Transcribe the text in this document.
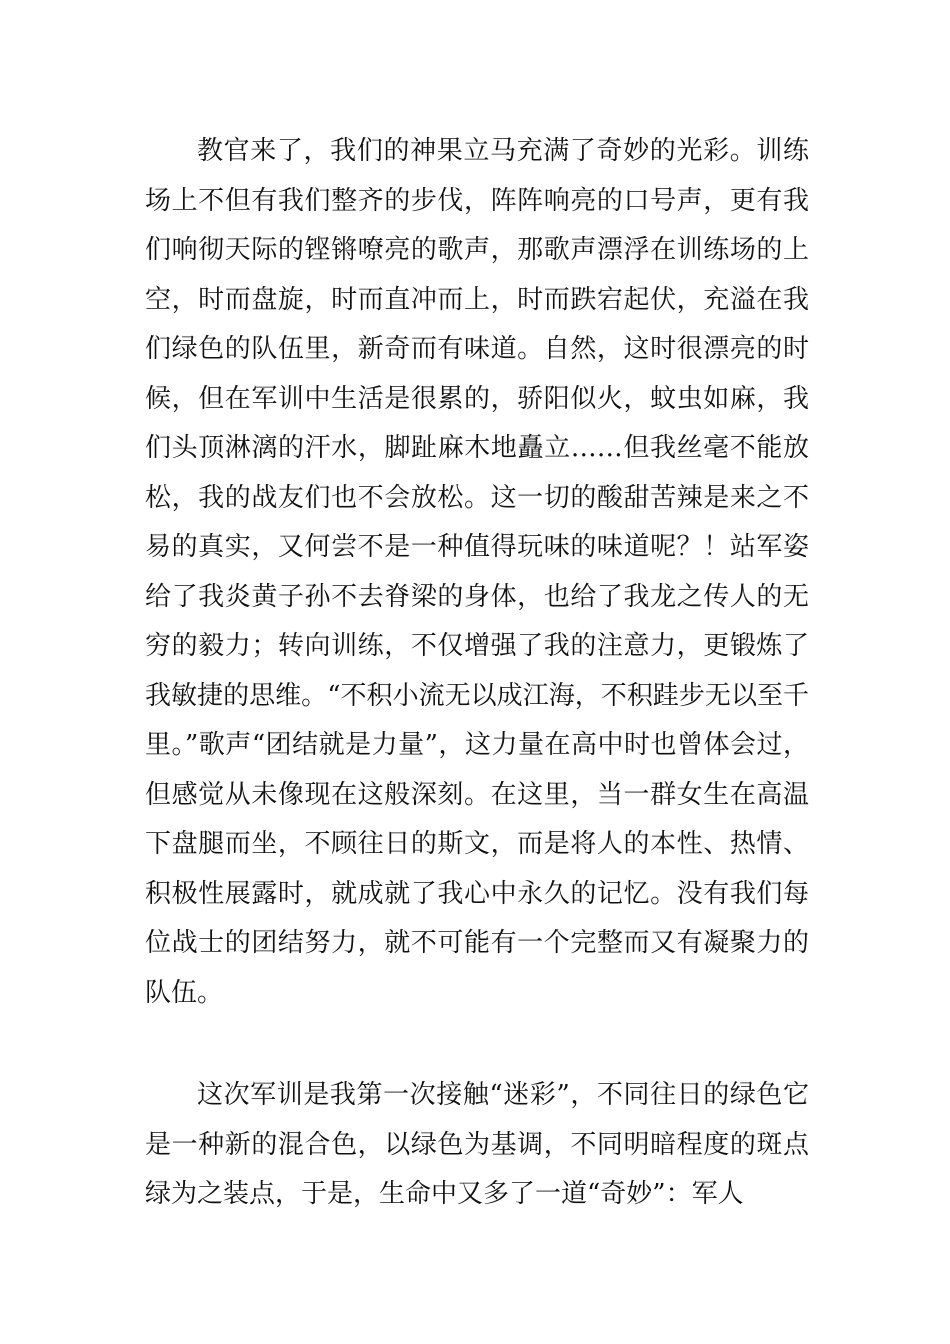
教官来了，我们的神果立马充满了奇妙的光彩。训练场上不但有我们整齐的步伐，阵阵响亮的口号声，更有我们响彻天际的铿锵嘹亮的歌声，那歌声漂浮在训练场的上空，时而盘旋，时而直冲而上，时而跌宕起伏，充溢在我们绿色的队伍里，新奇而有味道。自然，这时很漂亮的时候，但在军训中生活是很累的，骄阳似火，蚊虫如麻，我们头顶淋漓的汗水，脚趾麻木地矗立……但我丝毫不能放松，我的战友们也不会放松。这一切的酸甜苦辣是来之不易的真实，又何尝不是一种值得玩味的味道呢？！站军姿给了我炎黄子孙不去脊梁的身体，也给了我龙之传人的无穷的毅力；转向训练，不仅增强了我的注意力，更锻炼了我敏捷的思维。“不积小流无以成江海，不积跬步无以至千里。”歌声“团结就是力量”，这力量在高中时也曾体会过，但感觉从未像现在这般深刻。在这里，当一群女生在高温下盘腿而坐，不顾往日的斯文，而是将人的本性、热情、积极性展露时，就成就了我心中永久的记忆。没有我们每位战士的团结努力，就不可能有一个完整而又有凝聚力的队伍。

这次军训是我第一次接触“迷彩”，不同往日的绿色它是一种新的混合色，以绿色为基调，不同明暗程度的斑点绿为之装点，于是，生命中又多了一道“奇妙”：军人
